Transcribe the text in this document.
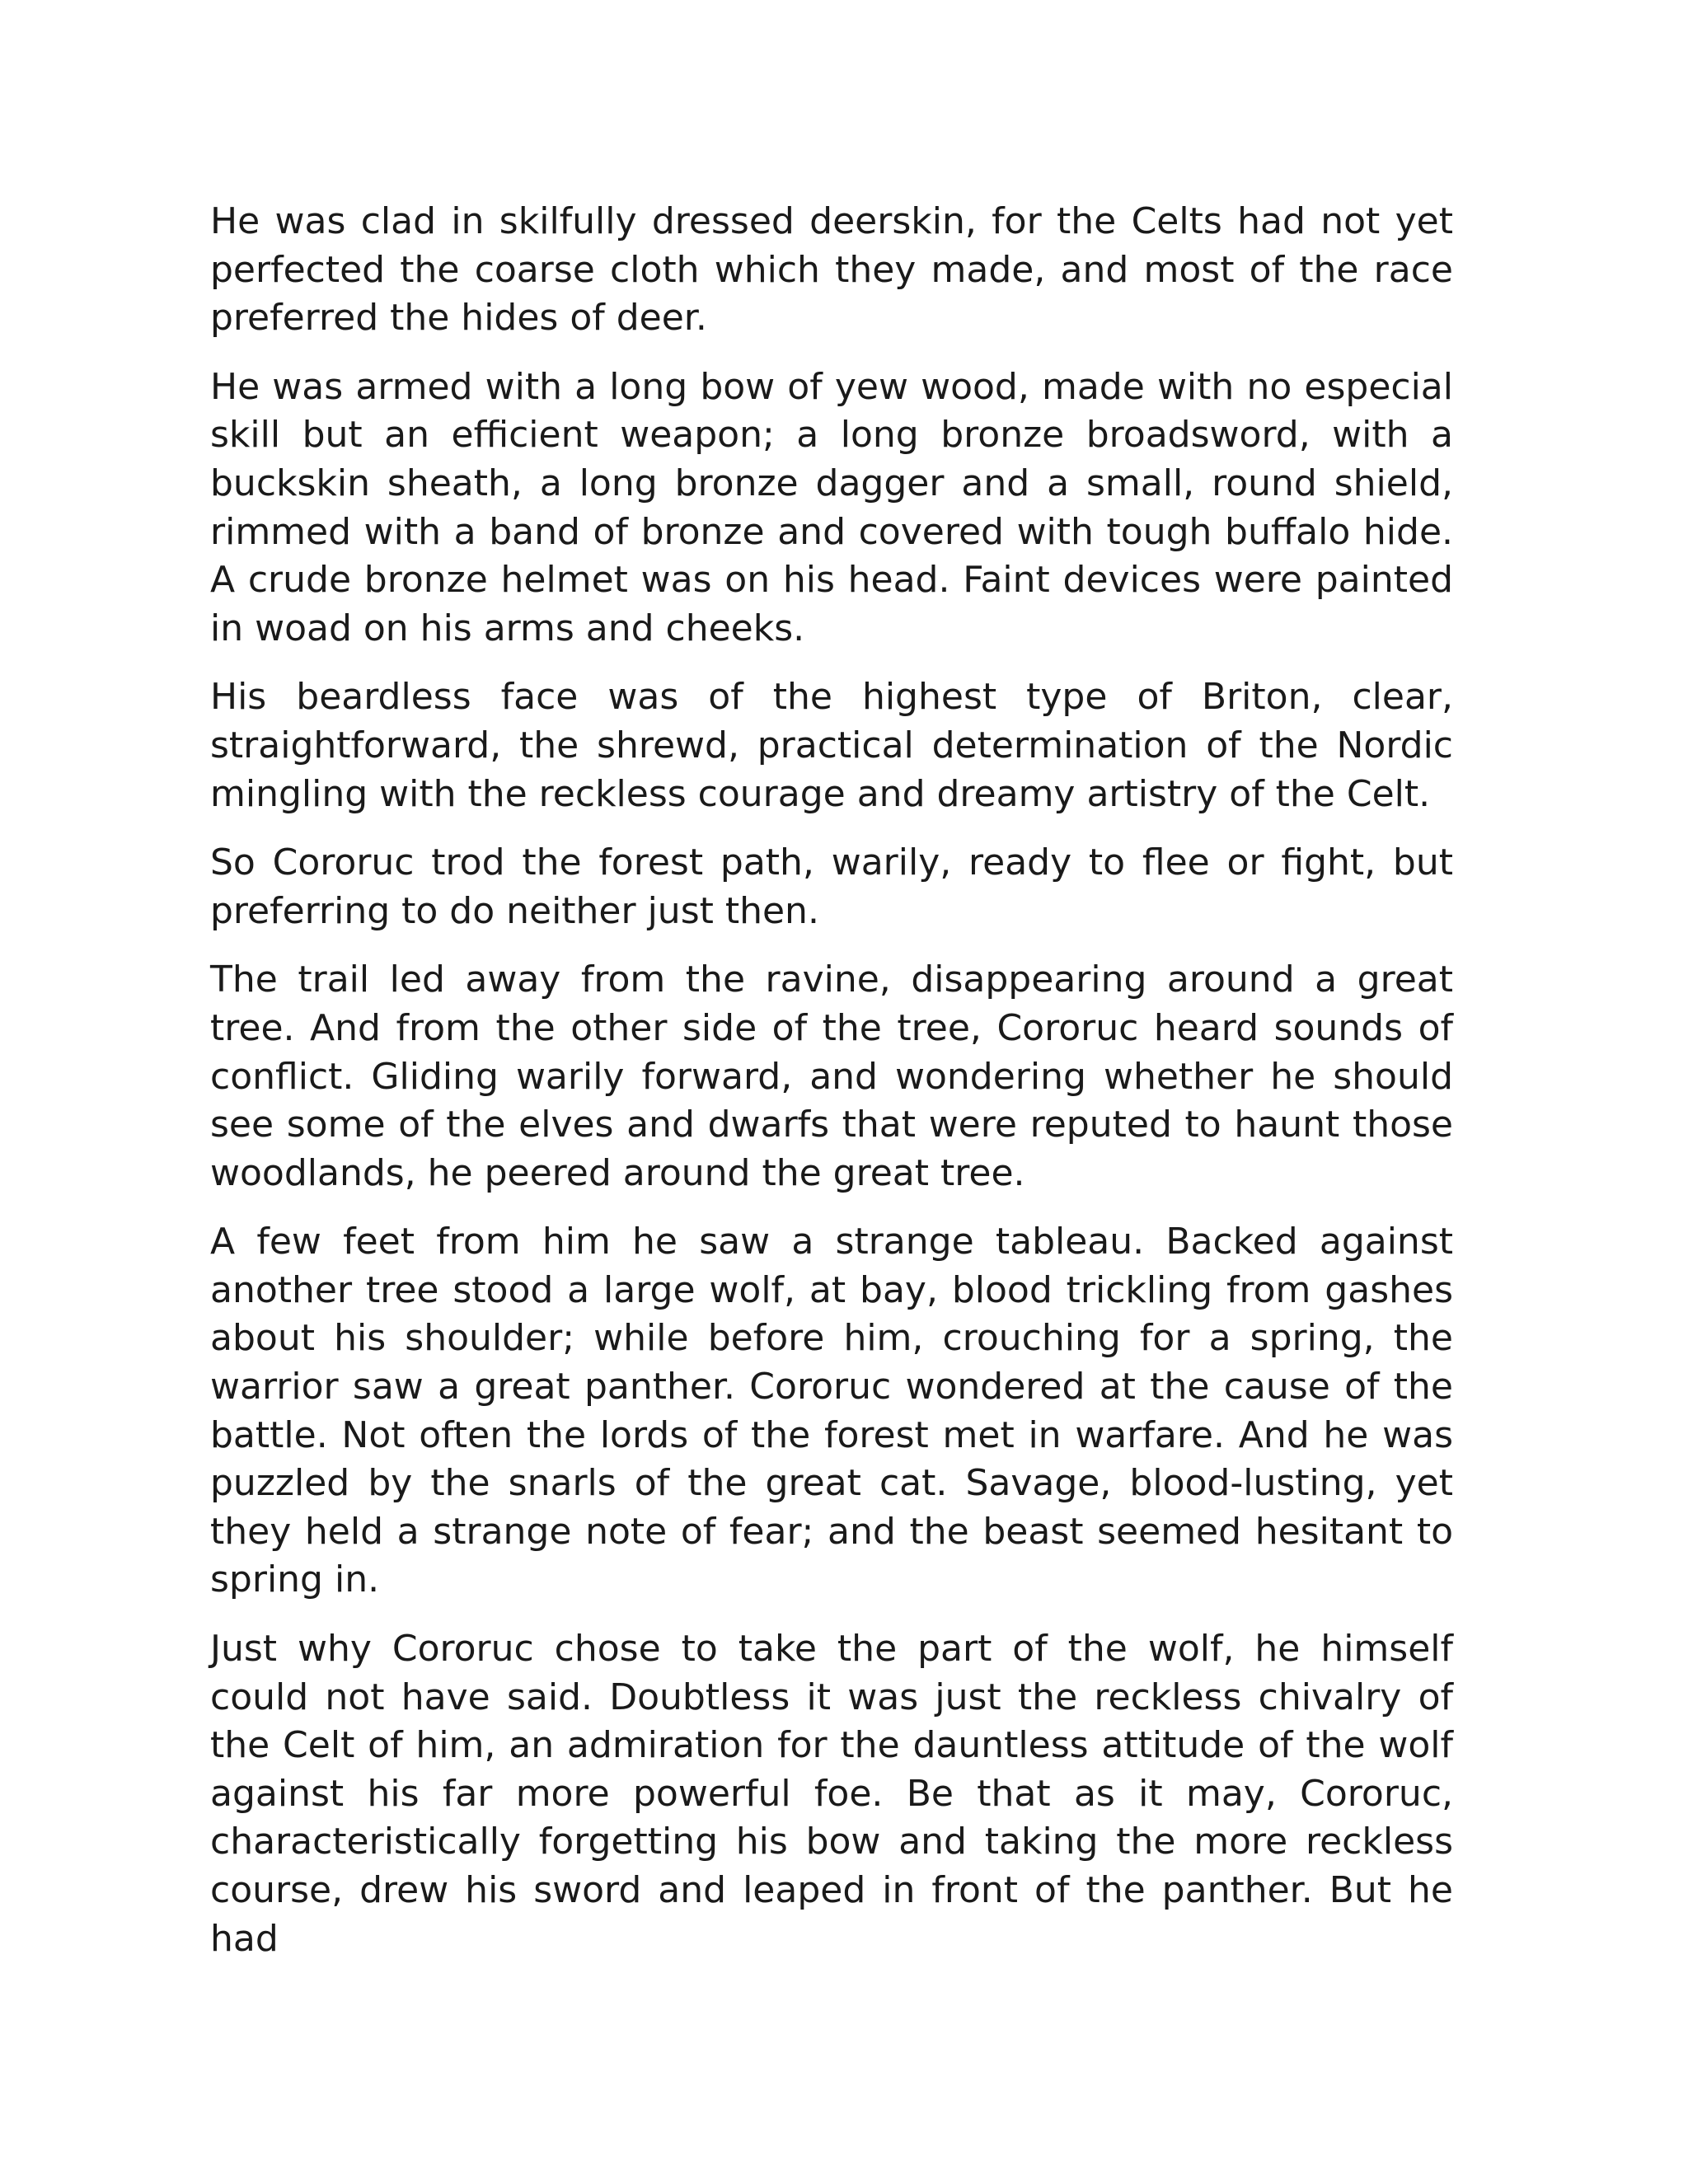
He was clad in skilfully dressed deerskin, for the Celts had not yet perfected the coarse cloth which they made, and most of the race preferred the hides of deer.

He was armed with a long bow of yew wood, made with no especial skill but an efficient weapon; a long bronze broadsword, with a buckskin sheath, a long bronze dagger and a small, round shield, rimmed with a band of bronze and covered with tough buffalo hide. A crude bronze helmet was on his head. Faint devices were painted in woad on his arms and cheeks.

His beardless face was of the highest type of Briton, clear, straightforward, the shrewd, practical determination of the Nordic mingling with the reckless courage and dreamy artistry of the Celt.

So Cororuc trod the forest path, warily, ready to flee or fight, but preferring to do neither just then.

The trail led away from the ravine, disappearing around a great tree. And from the other side of the tree, Cororuc heard sounds of conflict. Gliding warily forward, and wondering whether he should see some of the elves and dwarfs that were reputed to haunt those woodlands, he peered around the great tree.

A few feet from him he saw a strange tableau. Backed against another tree stood a large wolf, at bay, blood trickling from gashes about his shoulder; while before him, crouching for a spring, the warrior saw a great panther. Cororuc wondered at the cause of the battle. Not often the lords of the forest met in warfare. And he was puzzled by the snarls of the great cat. Savage, blood-lusting, yet they held a strange note of fear; and the beast seemed hesitant to spring in.

Just why Cororuc chose to take the part of the wolf, he himself could not have said. Doubtless it was just the reckless chivalry of the Celt of him, an admiration for the dauntless attitude of the wolf against his far more powerful foe. Be that as it may, Cororuc, characteristically forgetting his bow and taking the more reckless course, drew his sword and leaped in front of the panther. But he had
